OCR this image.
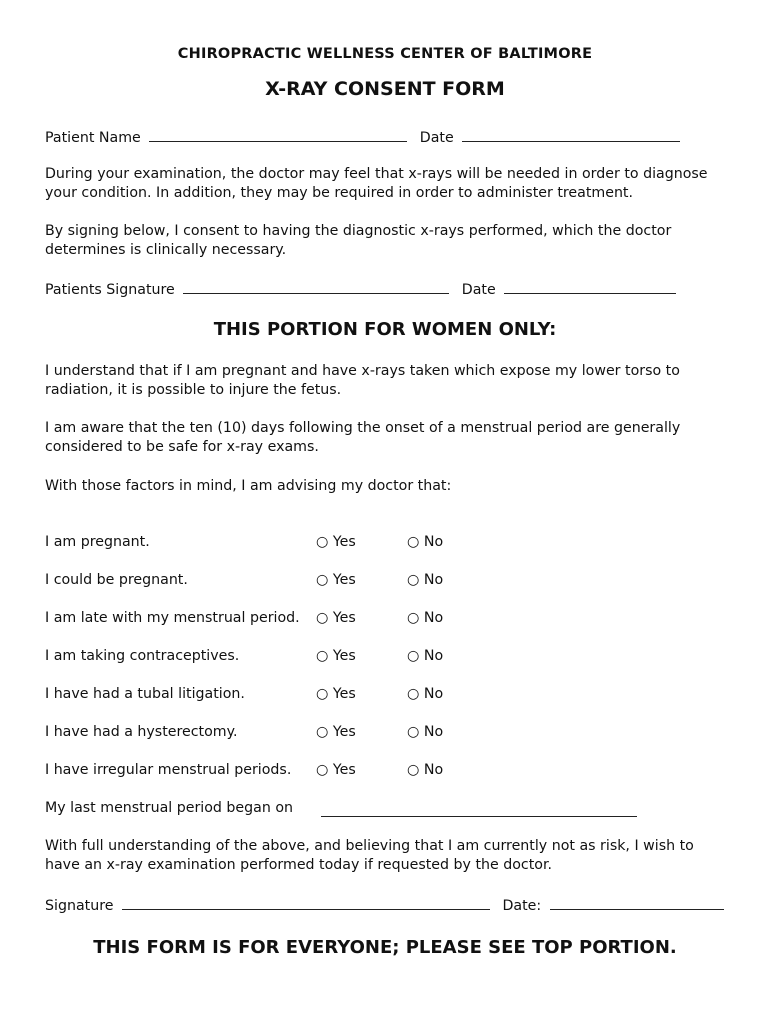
CHIROPRACTIC WELLNESS CENTER OF BALTIMORE
X-RAY CONSENT FORM
Patient Name	Date
During your examination, the doctor may feel that x-rays will be needed in order to diagnose
your condition. In addition, they may be required in order to administer treatment.
By signing below, I consent to having the diagnostic x-rays performed, which the doctor
determines is clinically necessary.
Patients Signature	Date
THIS PORTION FOR WOMEN ONLY:
I understand that if I am pregnant and have x-rays taken which expose my lower torso to
radiation, it is possible to injure the fetus.
I am aware that the ten (10) days following the onset of a menstrual period are generally
considered to be safe for x-ray exams.
With those factors in mind, I am advising my doctor that:
I am pregnant.	○ Yes	○ No
I could be pregnant.	○ Yes	○ No
I am late with my menstrual period. ○ Yes	○ No
I am taking contraceptives.	○ Yes	○ No
I have had a tubal litigation.	○ Yes	○ No
I have had a hysterectomy.	○ Yes	○ No
I have irregular menstrual periods. ○ Yes	○ No
My last menstrual period began on
With full understanding of the above, and believing that I am currently not as risk, I wish to
have an x-ray examination performed today if requested by the doctor.
Signature	Date:
THIS FORM IS FOR EVERYONE; PLEASE SEE TOP PORTION.
